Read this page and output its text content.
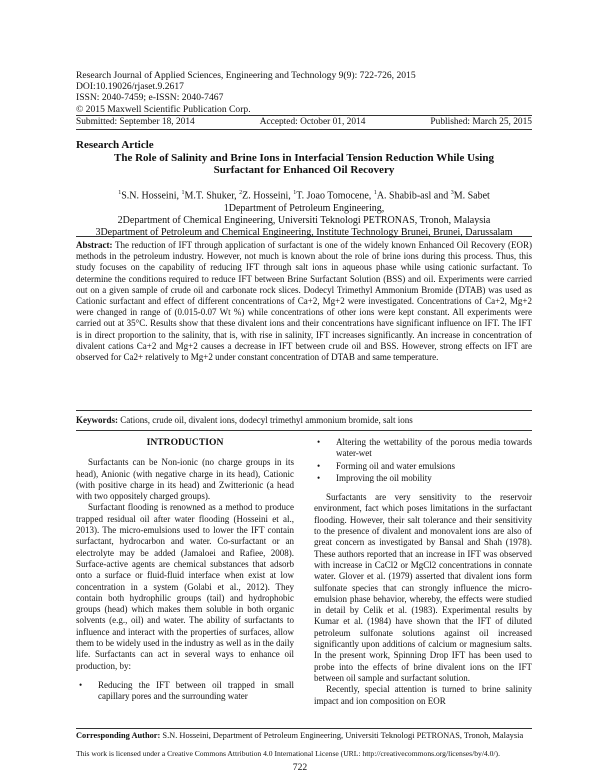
Research Journal of Applied Sciences, Engineering and Technology 9(9): 722-726, 2015
DOI:10.19026/rjaset.9.2617
ISSN: 2040-7459; e-ISSN: 2040-7467
© 2015 Maxwell Scientific Publication Corp.
Submitted: September 18, 2014	Accepted: October 01, 2014	Published: March 25, 2015
Research Article
The Role of Salinity and Brine Ions in Interfacial Tension Reduction While Using
Surfactant for Enhanced Oil Recovery
$^1$S.N. Hosseini, $^1$M.T. Shuker, $^2$Z. Hosseini, $^1$T. Joao Tomocene, $^1$A. Shabib-asl and $^3$M. Sabet
1Department of Petroleum Engineering,
2Department of Chemical Engineering, Universiti Teknologi PETRONAS, Tronoh, Malaysia
3Department of Petroleum and Chemical Engineering, Institute Technology Brunei, Brunei, Darussalam
Abstract: The reduction of IFT through application of surfactant is one of the widely known Enhanced Oil Recovery (EOR) methods in the petroleum industry. However, not much is known about the role of brine ions during this process. Thus, this study focuses on the capability of reducing IFT through salt ions in aqueous phase while using cationic surfactant. To determine the conditions required to reduce IFT between Brine Surfactant Solution (BSS) and oil. Experiments were carried out on a given sample of crude oil and carbonate rock slices. Dodecyl Trimethyl Ammonium Bromide (DTAB) was used as Cationic surfactant and effect of different concentrations of Ca+2, Mg+2 were investigated. Concentrations of Ca+2, Mg+2 were changed in range of (0.015-0.07 Wt %) while concentrations of other ions were kept constant. All experiments were carried out at 35°C. Results show that these divalent ions and their concentrations have significant influence on IFT. The IFT is in direct proportion to the salinity, that is, with rise in salinity, IFT increases significantly. An increase in concentration of divalent cations Ca+2 and Mg+2 causes a decrease in IFT between crude oil and BSS. However, strong effects on IFT are observed for Ca2+ relatively to Mg+2 under constant concentration of DTAB and same temperature.
Keywords: Cations, crude oil, divalent ions, dodecyl trimethyl ammonium bromide, salt ions
INTRODUCTION

Surfactants can be Non-ionic (no charge groups in its head), Anionic (with negative charge in its head), Cationic (with positive charge in its head) and Zwitterionic (a head with two oppositely charged groups).

Surfactant flooding is renowned as a method to produce trapped residual oil after water flooding (Hosseini et al., 2013). The micro-emulsions used to lower the IFT contain surfactant, hydrocarbon and water. Co-surfactant or an electrolyte may be added (Jamaloei and Rafiee, 2008). Surface-active agents are chemical substances that adsorb onto a surface or fluid-fluid interface when exist at low concentration in a system (Golabi et al., 2012). They contain both hydrophilic groups (tail) and hydrophobic groups (head) which makes them soluble in both organic solvents (e.g., oil) and water. The ability of surfactants to influence and interact with the properties of surfaces, allow them to be widely used in the industry as well as in the daily life. Surfactants can act in several ways to enhance oil production, by:

• Reducing the IFT between oil trapped in small capillary pores and the surrounding water
• Altering the wettability of the porous media towards water-wet
• Forming oil and water emulsions
• Improving the oil mobility

Surfactants are very sensitivity to the reservoir environment, fact which poses limitations in the surfactant flooding. However, their salt tolerance and their sensitivity to the presence of divalent and monovalent ions are also of great concern as investigated by Bansal and Shah (1978). These authors reported that an increase in IFT was observed with increase in CaCl2 or MgCl2 concentrations in connate water. Glover et al. (1979) asserted that divalent ions form sulfonate species that can strongly influence the micro-emulsion phase behavior, whereby, the effects were studied in detail by Celik et al. (1983). Experimental results by Kumar et al. (1984) have shown that the IFT of diluted petroleum sulfonate solutions against oil increased significantly upon additions of calcium or magnesium salts. In the present work, Spinning Drop IFT has been used to probe into the effects of brine divalent ions on the IFT between oil sample and surfactant solution.

Recently, special attention is turned to brine salinity impact and ion composition on EOR

Corresponding Author: S.N. Hosseini, Department of Petroleum Engineering, Universiti Teknologi PETRONAS, Tronoh, Malaysia
This work is licensed under a Creative Commons Attribution 4.0 International License (URL: http://creativecommons.org/licenses/by/4.0/).
722
